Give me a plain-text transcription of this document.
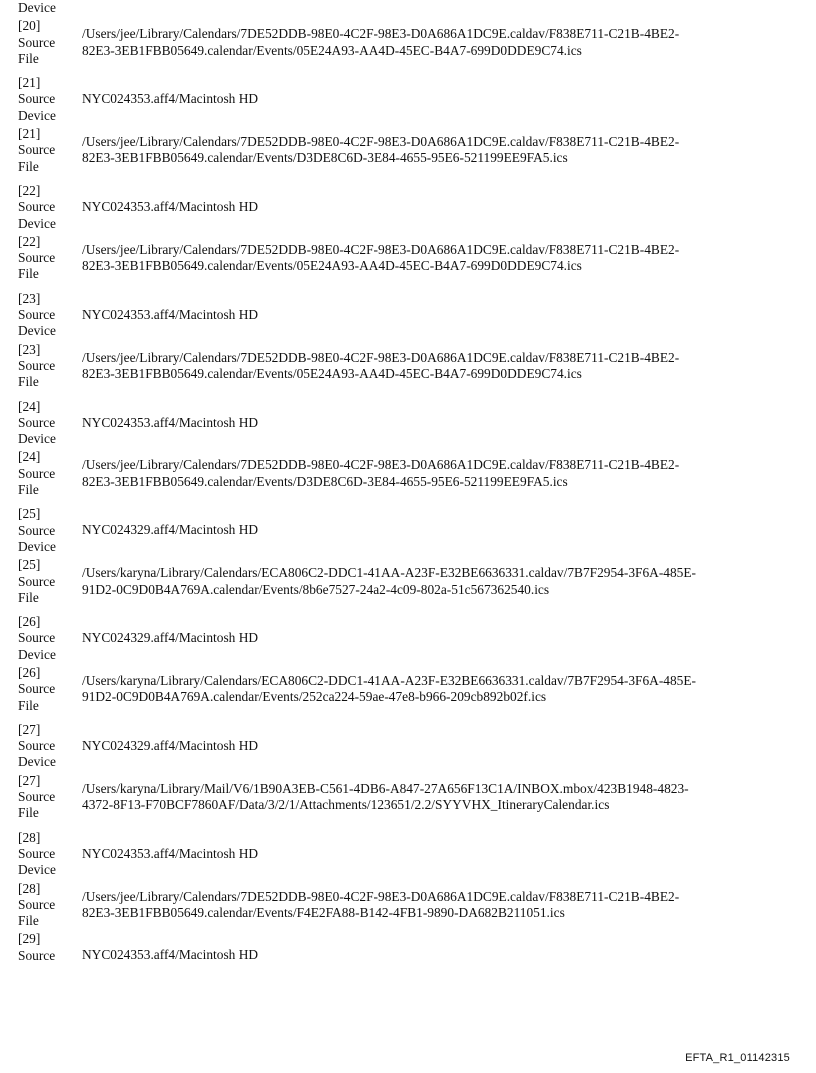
Device
[20]
Source
File
/Users/jee/Library/Calendars/7DE52DDB-98E0-4C2F-98E3-D0A686A1DC9E.caldav/F838E711-C21B-4BE2-
82E3-3EB1FBB05649.calendar/Events/05E24A93-AA4D-45EC-B4A7-699D0DDE9C74.ics
[21]
Source
Device
NYC024353.aff4/Macintosh HD
[21]
Source
File
/Users/jee/Library/Calendars/7DE52DDB-98E0-4C2F-98E3-D0A686A1DC9E.caldav/F838E711-C21B-4BE2-
82E3-3EB1FBB05649.calendar/Events/D3DE8C6D-3E84-4655-95E6-521199EE9FA5.ics
[22]
Source
Device
NYC024353.aff4/Macintosh HD
[22]
Source
File
/Users/jee/Library/Calendars/7DE52DDB-98E0-4C2F-98E3-D0A686A1DC9E.caldav/F838E711-C21B-4BE2-
82E3-3EB1FBB05649.calendar/Events/05E24A93-AA4D-45EC-B4A7-699D0DDE9C74.ics
[23]
Source
Device
NYC024353.aff4/Macintosh HD
[23]
Source
File
/Users/jee/Library/Calendars/7DE52DDB-98E0-4C2F-98E3-D0A686A1DC9E.caldav/F838E711-C21B-4BE2-
82E3-3EB1FBB05649.calendar/Events/05E24A93-AA4D-45EC-B4A7-699D0DDE9C74.ics
[24]
Source
Device
NYC024353.aff4/Macintosh HD
[24]
Source
File
/Users/jee/Library/Calendars/7DE52DDB-98E0-4C2F-98E3-D0A686A1DC9E.caldav/F838E711-C21B-4BE2-
82E3-3EB1FBB05649.calendar/Events/D3DE8C6D-3E84-4655-95E6-521199EE9FA5.ics
[25]
Source
Device
NYC024329.aff4/Macintosh HD
[25]
Source
File
/Users/karyna/Library/Calendars/ECA806C2-DDC1-41AA-A23F-E32BE6636331.caldav/7B7F2954-3F6A-485E-
91D2-0C9D0B4A769A.calendar/Events/8b6e7527-24a2-4c09-802a-51c567362540.ics
[26]
Source
Device
NYC024329.aff4/Macintosh HD
[26]
Source
File
/Users/karyna/Library/Calendars/ECA806C2-DDC1-41AA-A23F-E32BE6636331.caldav/7B7F2954-3F6A-485E-
91D2-0C9D0B4A769A.calendar/Events/252ca224-59ae-47e8-b966-209cb892b02f.ics
[27]
Source
Device
NYC024329.aff4/Macintosh HD
[27]
Source
File
/Users/karyna/Library/Mail/V6/1B90A3EB-C561-4DB6-A847-27A656F13C1A/INBOX.mbox/423B1948-4823-
4372-8F13-F70BCF7860AF/Data/3/2/1/Attachments/123651/2.2/SYYVHX_ItineraryCalendar.ics
[28]
Source
Device
NYC024353.aff4/Macintosh HD
[28]
Source
File
/Users/jee/Library/Calendars/7DE52DDB-98E0-4C2F-98E3-D0A686A1DC9E.caldav/F838E711-C21B-4BE2-
82E3-3EB1FBB05649.calendar/Events/F4E2FA88-B142-4FB1-9890-DA682B211051.ics
[29]
Source	NYC024353.aff4/Macintosh HD
EFTA_R1_01142315
